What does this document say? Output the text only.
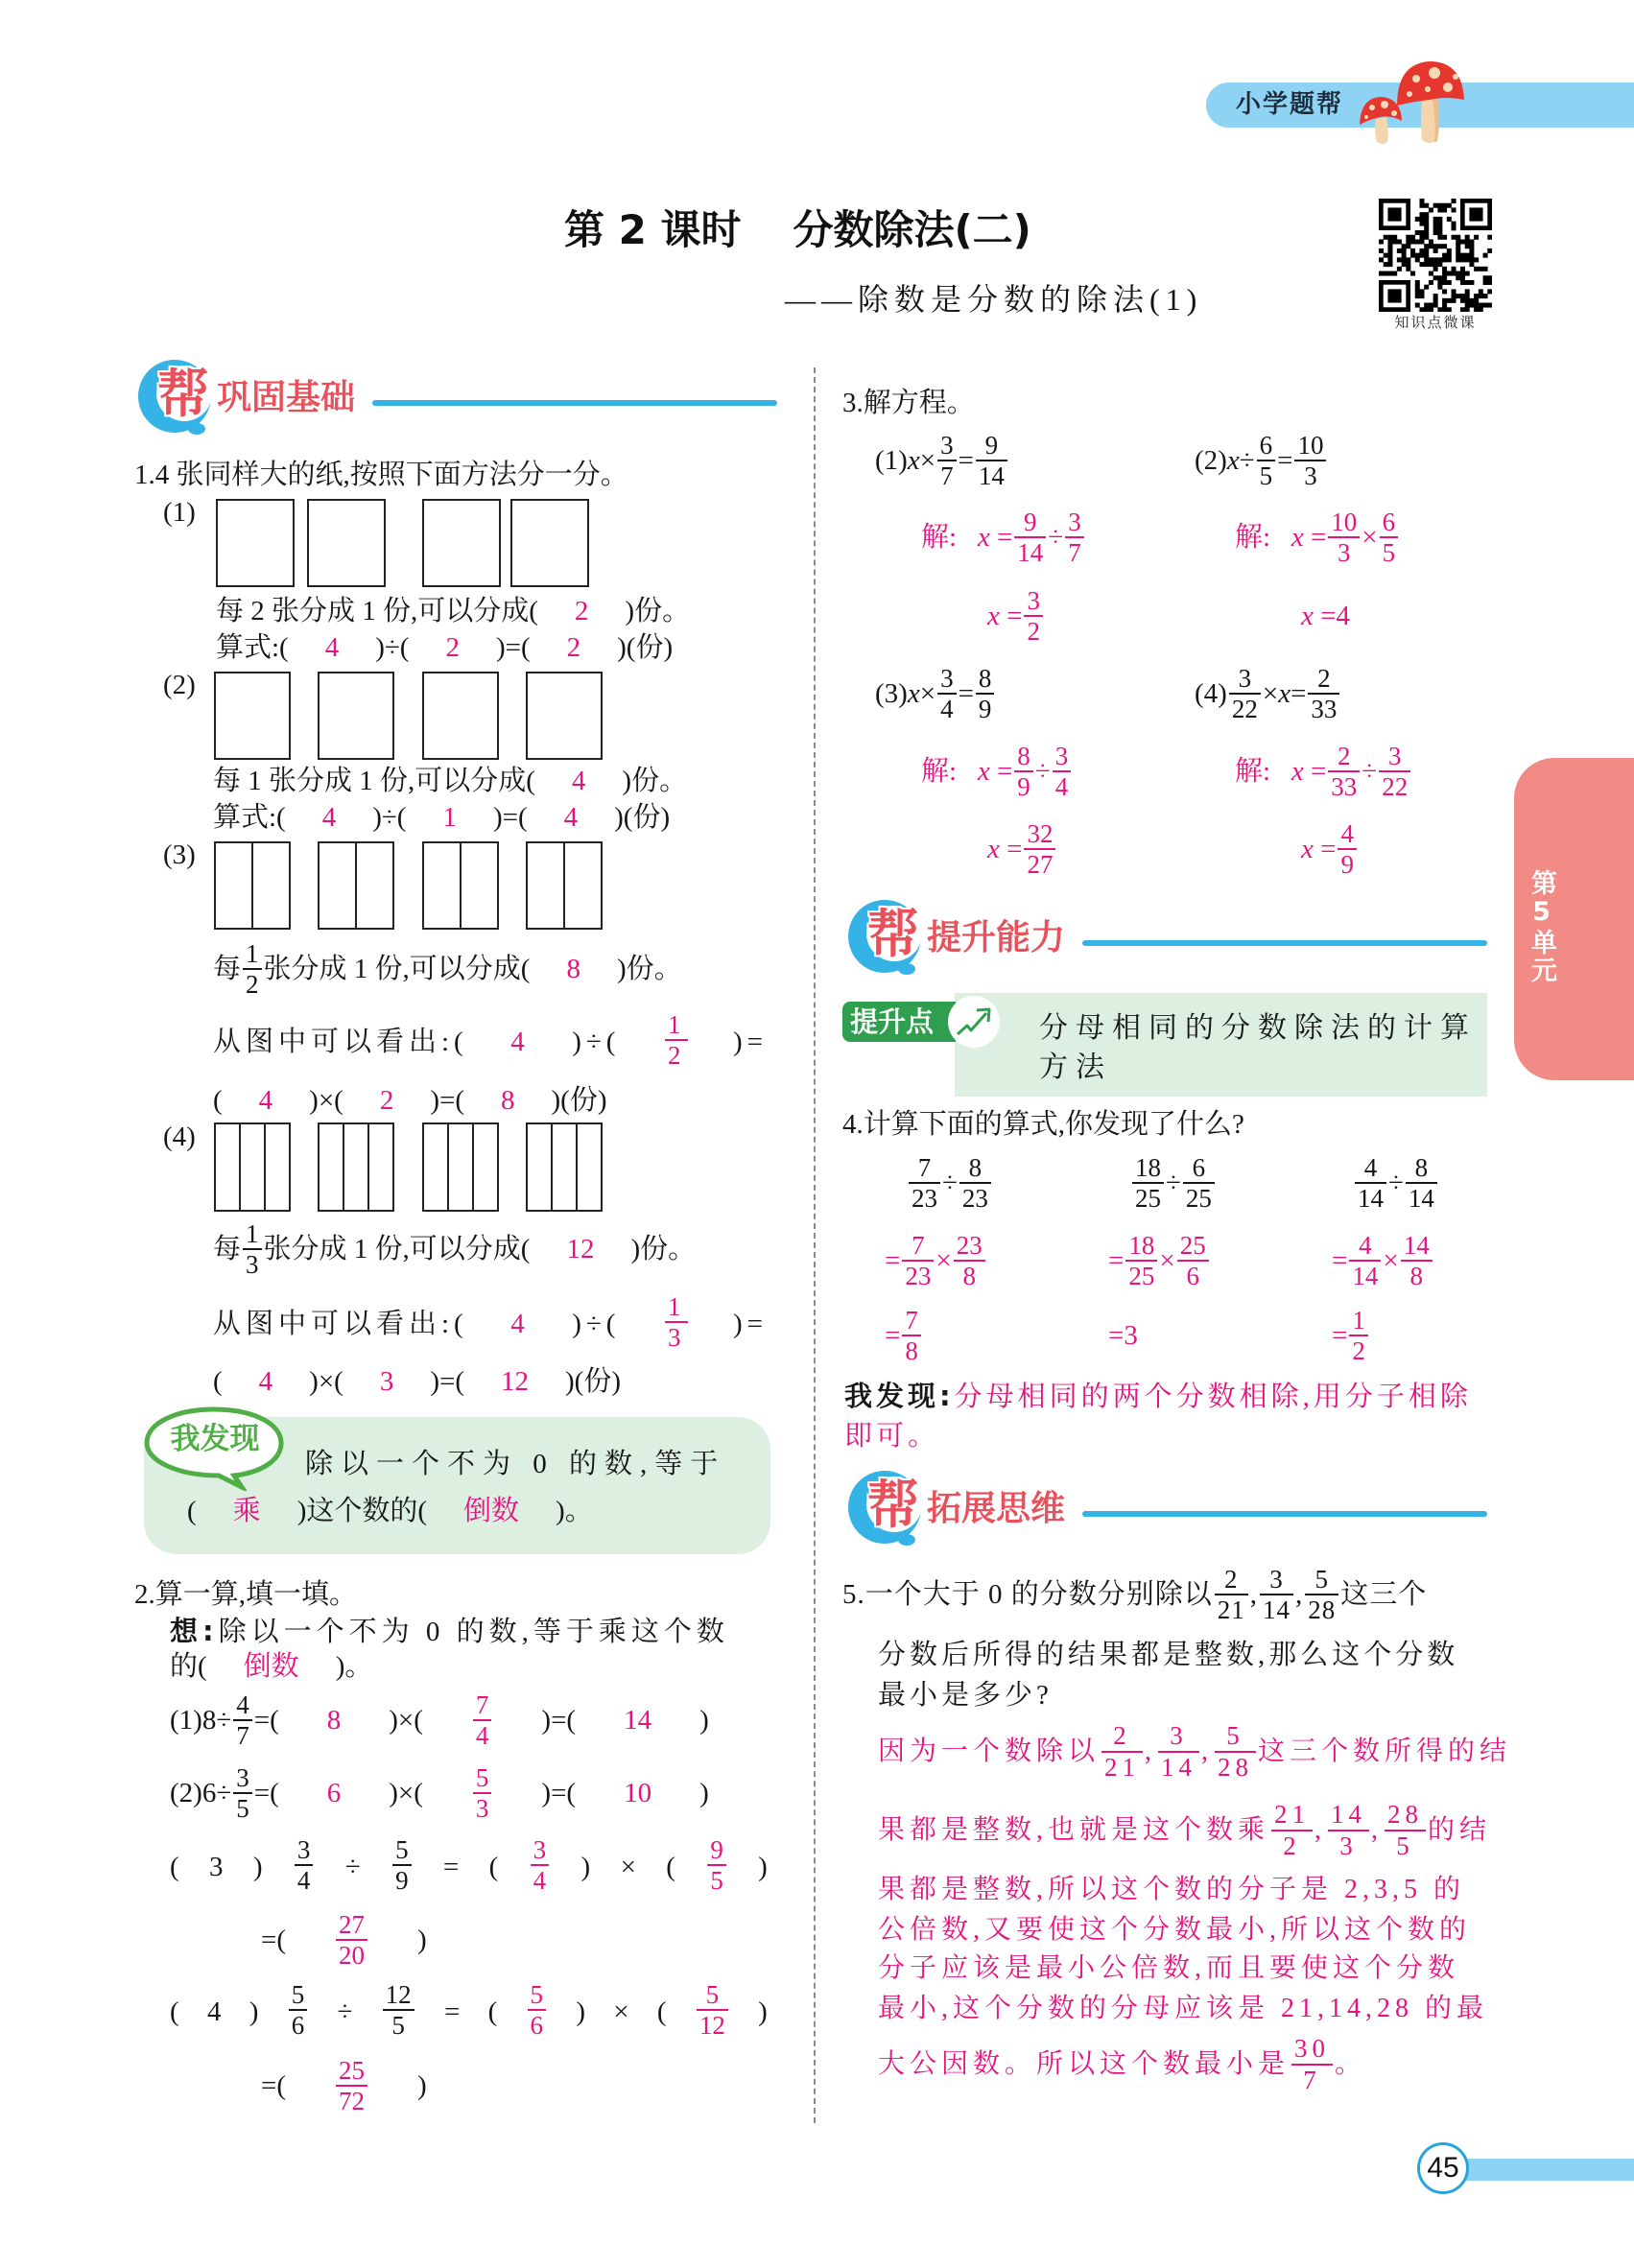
小学题帮
第 2 课时 分数除法(二)
——除数是分数的除法(1)
知识点微课
第5单元
帮 巩固基础
1.4 张同样大的纸,按照下面方法分一分。
(1)
每 2 张分成 1 份,可以分成( 2 )份。
算式:( 4 )÷( 2 )=( 2 )(份)
(2)
每 1 张分成 1 份,可以分成( 4 )份。
算式:( 4 )÷( 1 )=( 4 )(份)
(3)
每 $\frac{1}{2}$ 张分成 1 份,可以分成( 8 )份。
从图中可以看出:( 4 )÷( $\frac{1}{2}$ )=
( 4 )×( 2 )=( 8 )(份)
(4)
每 $\frac{1}{3}$ 张分成 1 份,可以分成( 12 )份。
从图中可以看出:( 4 )÷( $\frac{1}{3}$ )=
( 4 )×( 3 )=( 12 )(份)
我发现
除以一个不为 0 的数,等于
( 乘 )这个数的( 倒数 )。
2.算一算,填一填。
想:除以一个不为 0 的数,等于乘这个数
的( 倒数 )。
$(1)8\div \frac{4}{7}$ =( 8 )×( $\frac{7}{4}$ )=( 14 )
$(2)6\div \frac{3}{5}$ =( 6 )×( $\frac{5}{3}$ )=( 10 )
( 3 ) $\frac{3}{4} \div \frac{5}{9}$ = ( $\frac{3}{4}$ ) × ( $\frac{9}{5}$ )
=( $\frac{27}{20}$ )
( 4 ) $\frac{5}{6} \div \frac{12}{5}$ = ( $\frac{5}{6}$ ) × ( $\frac{5}{12}$ )
=( $\frac{25}{72}$ )
3.解方程。
$(1)x\times \frac{3}{7} = \frac{9}{14}$	$(2)x\div \frac{6}{5} = \frac{10}{3}$
解:   $x = \frac{9}{14} \div \frac{3}{7}$	解:   $x = \frac{10}{3} \times \frac{6}{5}$
$x = \frac{3}{2}$	x =4
$(3)x\times \frac{3}{4} = \frac{8}{9}$	$(4) \frac{3}{22} \times x= \frac{2}{33}$
解:   $x = \frac{8}{9} \div \frac{3}{4}$	解:   $x = \frac{2}{33} \div \frac{3}{22}$
$x = \frac{32}{27}$	$x = \frac{4}{9}$
帮 提升能力
提升点	分母相同的分数除法的计算
方法
4.计算下面的算式,你发现了什么?
$\frac{7}{23} \div \frac{8}{23}$	$\frac{18}{25} \div \frac{6}{25}$	$\frac{4}{14} \div \frac{8}{14}$
= $\frac{7}{23} \times \frac{23}{8}$	= $\frac{18}{25} \times \frac{25}{6}$	= $\frac{4}{14} \times \frac{14}{8}$
= $\frac{7}{8}$	=3	= $\frac{1}{2}$
我发现:分母相同的两个分数相除,用分子相除
即可。
帮 拓展思维
5.一个大于 0 的分数分别除以 $\frac{2}{21}$ , $\frac{3}{14}$ , $\frac{5}{28}$ 这三个
分数后所得的结果都是整数,那么这个分数
最小是多少?
因为一个数除以 $\frac{2}{21}$ , $\frac{3}{14}$ , $\frac{5}{28}$ 这三个数所得的结
果都是整数,也就是这个数乘 $\frac{21}{2}$ , $\frac{14}{3}$ , $\frac{28}{5}$ 的结
果都是整数,所以这个数的分子是 2,3,5 的
公倍数,又要使这个分数最小,所以这个数的
分子应该是最小公倍数,而且要使这个分数
最小,这个分数的分母应该是 21,14,28 的最
大公因数。所以这个数最小是 $\frac{30}{7}$ 。
45
